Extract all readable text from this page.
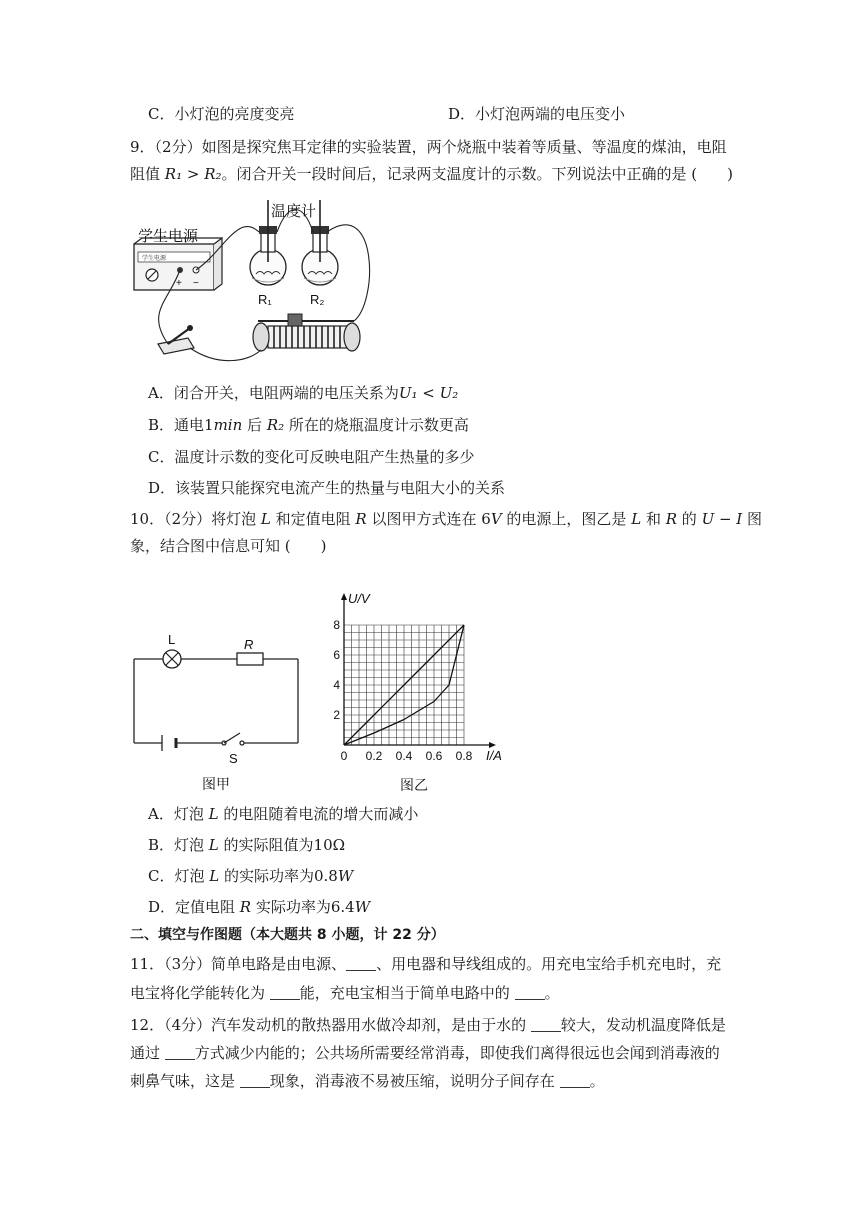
C．小灯泡的亮度变亮	D．小灯泡两端的电压变小
9．（2分）如图是探究焦耳定律的实验装置，两个烧瓶中装着等质量、等温度的煤油，电阻
阻值 R₁ > R₂。闭合开关一段时间后，记录两支温度计的示数。下列说法中正确的是 (　　)
学生电源
学生电源
+ −
R₁	R₂
温度计
A．闭合开关，电阻两端的电压关系为U₁ < U₂
B．通电1min 后 R₂ 所在的烧瓶温度计示数更高
C．温度计示数的变化可反映电阻产生热量的多少
D．该装置只能探究电流产生的热量与电阻大小的关系
10．（2分）将灯泡 L 和定值电阻 R 以图甲方式连在 6V 的电源上，图乙是 L 和 R 的 U − I 图
象，结合图中信息可知 (　　)
L	R
S
图甲
0 0.2 0.4 0.6 0.8
2
4
6
8
I/A
U/V
图乙
A．灯泡 L 的电阻随着电流的增大而减小
B．灯泡 L 的实际阻值为10Ω
C．灯泡 L 的实际功率为0.8W
D．定值电阻 R 实际功率为6.4W
二、填空与作图题（本大题共 8 小题，计 22 分）
11．（3分）简单电路是由电源、 、用电器和导线组成的。用充电宝给手机充电时，充
电宝将化学能转化为 能，充电宝相当于简单电路中的 。
12．（4分）汽车发动机的散热器用水做冷却剂，是由于水的 较大，发动机温度降低是
通过 方式减少内能的；公共场所需要经常消毒，即使我们离得很远也会闻到消毒液的
刺鼻气味，这是 现象，消毒液不易被压缩，说明分子间存在 。
